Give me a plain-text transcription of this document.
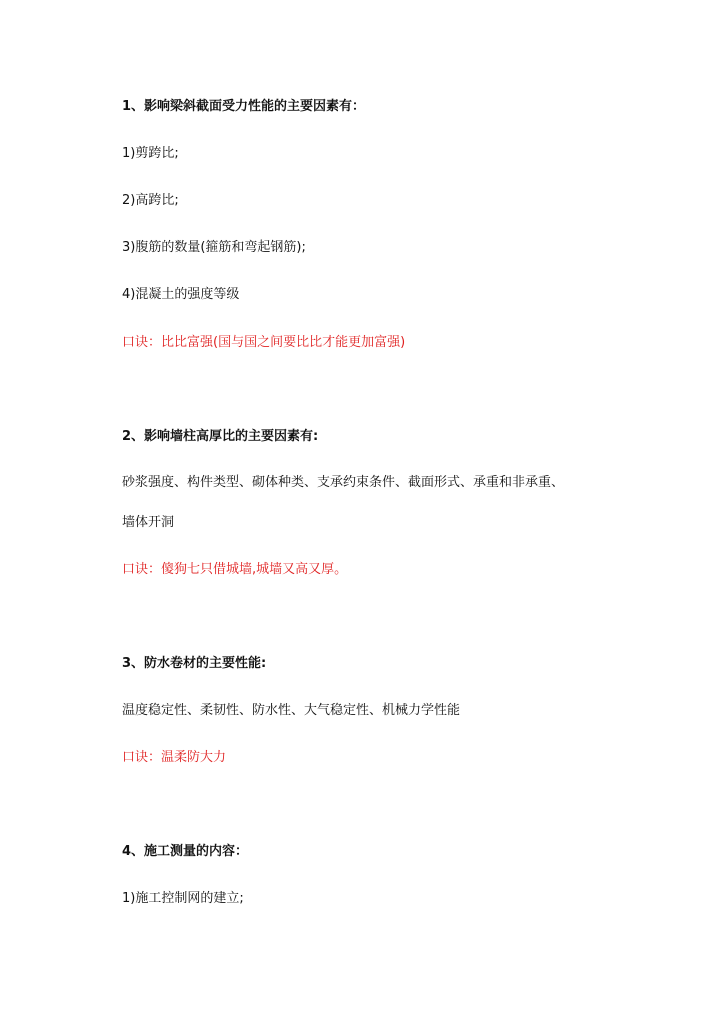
1、影响梁斜截面受力性能的主要因素有：
1)剪跨比;
2)高跨比;
3)腹筋的数量(箍筋和弯起钢筋);
4)混凝土的强度等级
口诀：比比富强(国与国之间要比比才能更加富强)
2、影响墙柱高厚比的主要因素有:
砂浆强度、构件类型、砌体种类、支承约束条件、截面形式、承重和非承重、
墙体开洞
口诀：傻狗七只借城墙,城墙又高又厚。
3、防水卷材的主要性能:
温度稳定性、柔韧性、防水性、大气稳定性、机械力学性能
口诀：温柔防大力
4、施工测量的内容：
1)施工控制网的建立;
